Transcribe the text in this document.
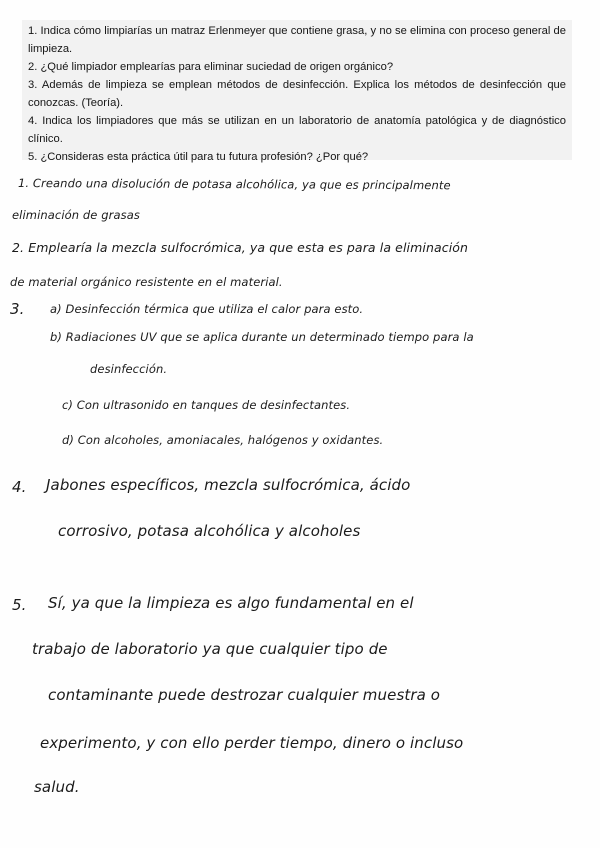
1. Indica cómo limpiarías un matraz Erlenmeyer que contiene grasa, y no se elimina con proceso general de limpieza.

2. ¿Qué limpiador emplearías para eliminar suciedad de origen orgánico?

3. Además de limpieza se emplean métodos de desinfección. Explica los métodos de desinfección que conozcas. (Teoría).

4. Indica los limpiadores que más se utilizan en un laboratorio de anatomía patológica y de diagnóstico clínico.

5. ¿Consideras esta práctica útil para tu futura profesión? ¿Por qué?

1. Creando una disolución de potasa alcohólica, ya que es principalmente
eliminación de grasas
2. Emplearía la mezcla sulfocrómica, ya que esta es para la eliminación
de material orgánico resistente en el material.
3. a) Desinfección térmica que utiliza el calor para esto.
b) Radiaciones UV que se aplica durante un determinado tiempo para la
desinfección.
c) Con ultrasonido en tanques de desinfectantes.
d) Con alcoholes, amoniacales, halógenos y oxidantes.
4. Jabones específicos, mezcla sulfocrómica, ácido
corrosivo, potasa alcohólica y alcoholes
5. Sí, ya que la limpieza es algo fundamental en el
trabajo de laboratorio ya que cualquier tipo de
contaminante puede destrozar cualquier muestra o
experimento, y con ello perder tiempo, dinero o incluso
salud.
